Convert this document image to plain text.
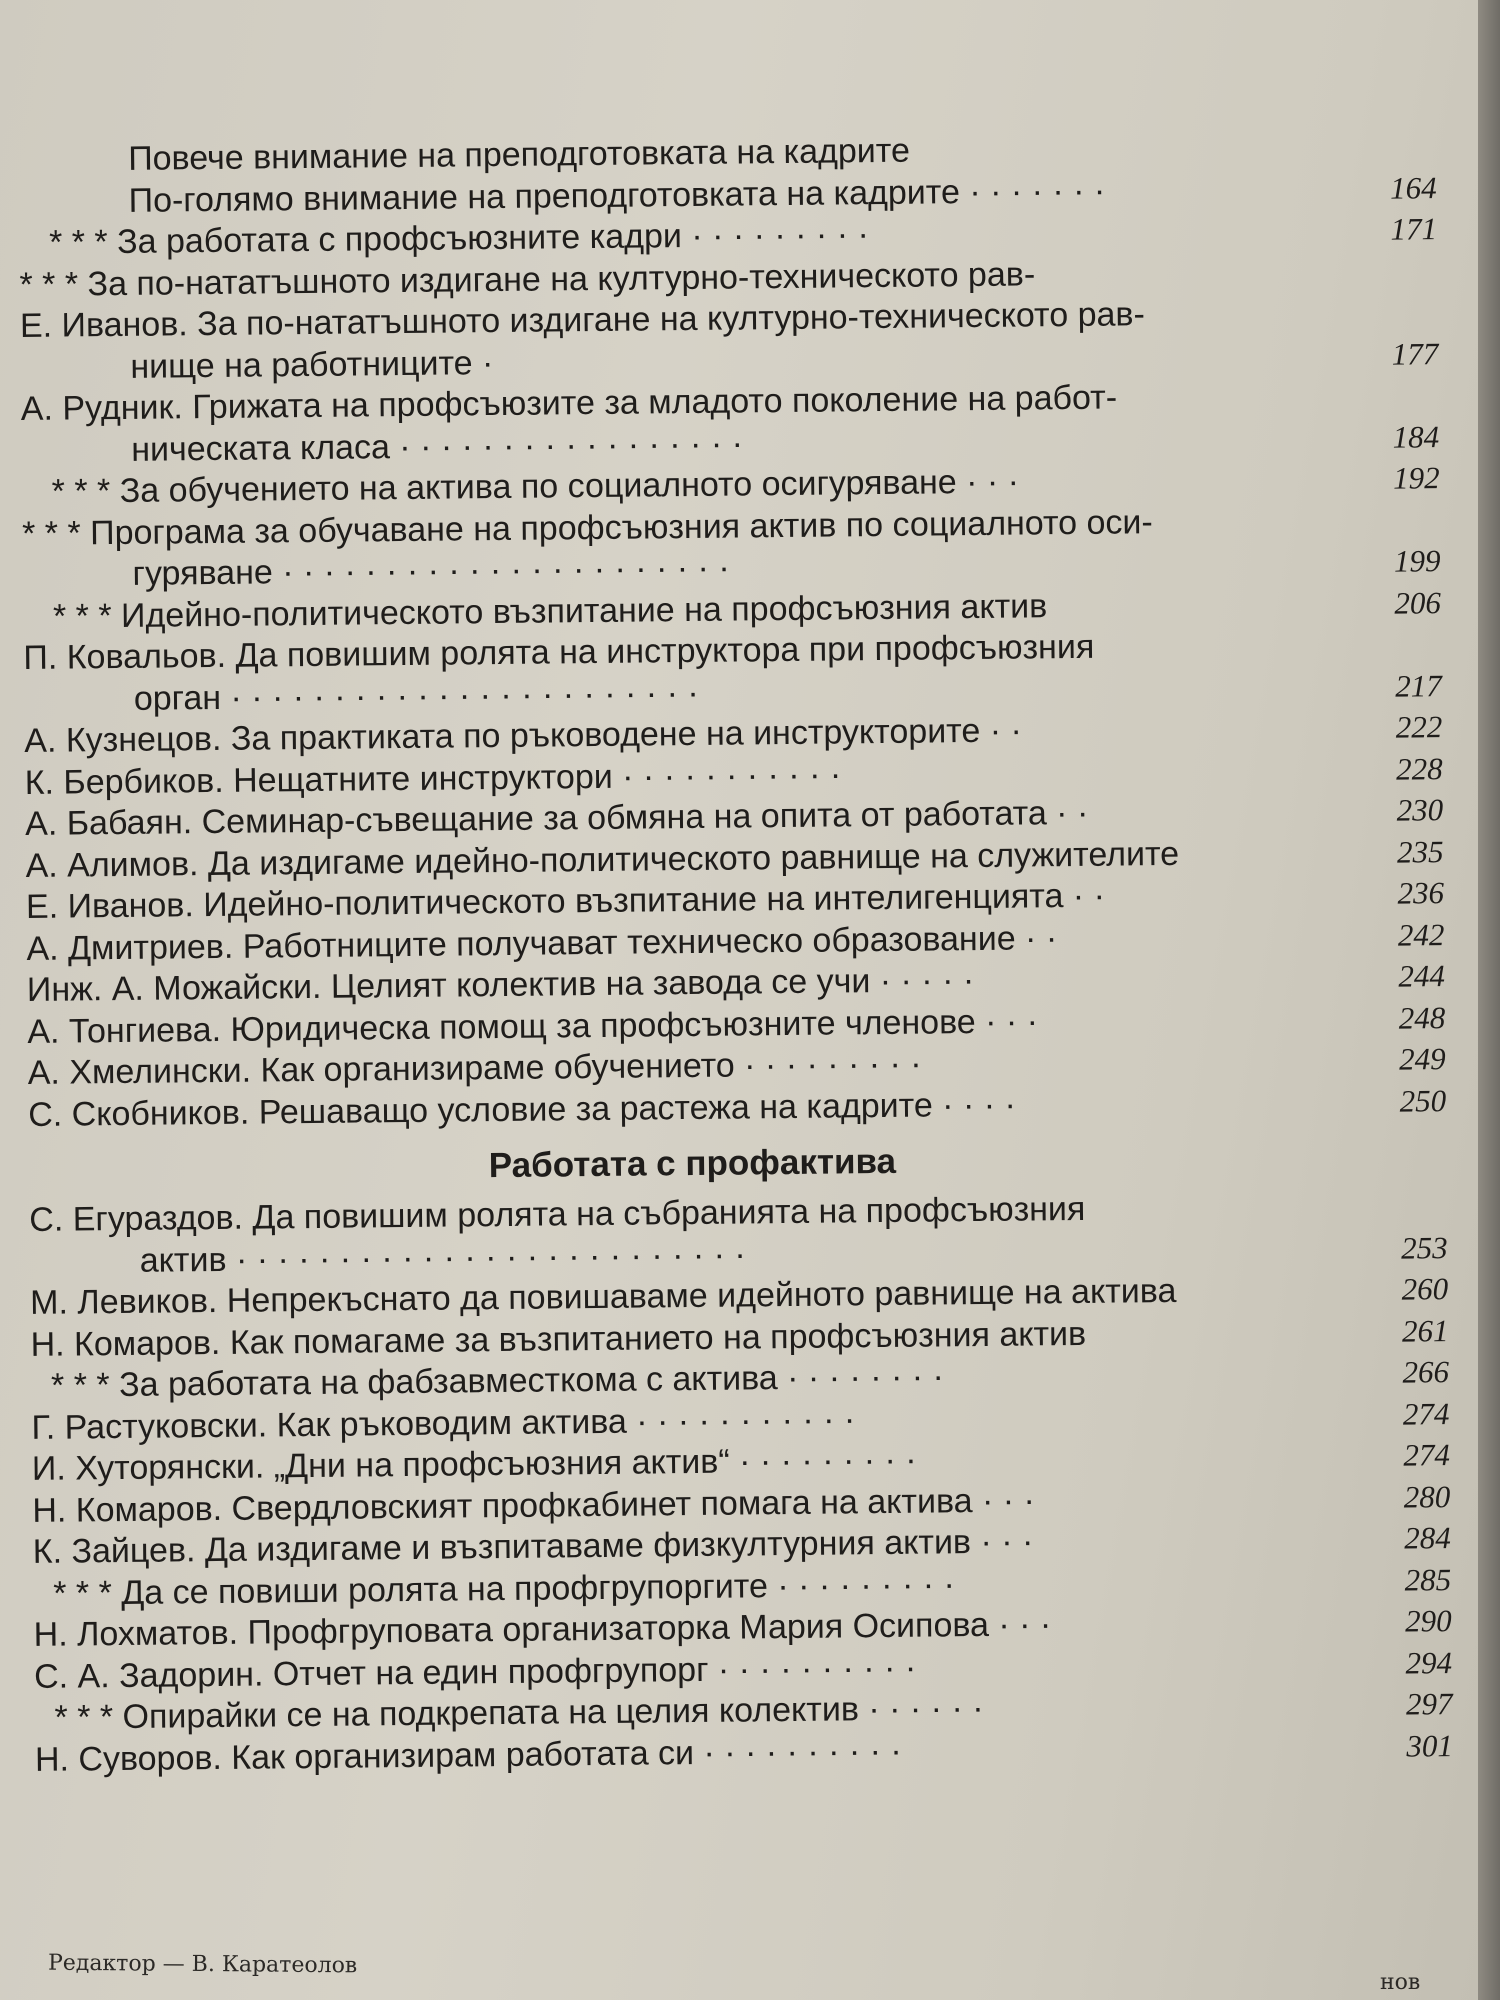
Повече внимание на преподготовката на кадрите
По-голямо внимание на преподготовката на кадрите · · · · · · ·	164
* * * За работата с профсъюзните кадри · · · · · · · · ·	171
* * * За по-нататъшното издигане на културно-техническото рав-
Е. Иванов. За по-нататъшното издигане на културно-техническото рав-
нище на работниците ·	177
А. Рудник. Грижата на профсъюзите за младото поколение на работ-
ническата класа · · · · · · · · · · · · · · · · ·	184
* * * За обучението на актива по социалното осигуряване · · ·	192
* * * Програма за обучаване на профсъюзния актив по социалното оси-
гуряване · · · · · · · · · · · · · · · · · · · · · ·	199
* * * Идейно-политическото възпитание на профсъюзния актив	206
П. Ковальов. Да повишим ролята на инструктора при профсъюзния
орган · · · · · · · · · · · · · · · · · · · · · · ·	217
А. Кузнецов. За практиката по ръководене на инструкторите · ·	222
К. Бербиков. Нещатните инструктори · · · · · · · · · · ·	228
А. Бабаян. Семинар-съвещание за обмяна на опита от работата · ·	230
А. Алимов. Да издигаме идейно-политическото равнище на служителите	235
Е. Иванов. Идейно-политическото възпитание на интелигенцията · ·	236
А. Дмитриев. Работниците получават техническо образование · ·	242
Инж. А. Можайски. Целият колектив на завода се учи · · · · ·	244
А. Тонгиева. Юридическа помощ за профсъюзните членове · · ·	248
А. Хмелински. Как организираме обучението · · · · · · · · ·	249
С. Скобников. Решаващо условие за растежа на кадрите · · · ·	250
Работата с профактива
С. Егураздов. Да повишим ролята на събранията на профсъюзния
актив · · · · · · · · · · · · · · · · · · · · · · · · ·	253
М. Левиков. Непрекъснато да повишаваме идейното равнище на актива	260
Н. Комаров. Как помагаме за възпитанието на профсъюзния актив	261
* * * За работата на фабзавместкома с актива · · · · · · · ·	266
Г. Растуковски. Как ръководим актива · · · · · · · · · · ·	274
И. Хуторянски. „Дни на профсъюзния актив“ · · · · · · · · ·	274
Н. Комаров. Свердловският профкабинет помага на актива · · ·	280
К. Зайцев. Да издигаме и възпитаваме физкултурния актив · · ·	284
* * * Да се повиши ролята на профгрупоргите · · · · · · · · ·	285
Н. Лохматов. Профгруповата организаторка Мария Осипова · · ·	290
С. А. Задорин. Отчет на един профгрупорг · · · · · · · · · ·	294
* * * Опирайки се на подкрепата на целия колектив · · · · · ·	297
Н. Суворов. Как организирам работата си · · · · · · · · · ·	301
Редактор — В. Каратеолов
нов
